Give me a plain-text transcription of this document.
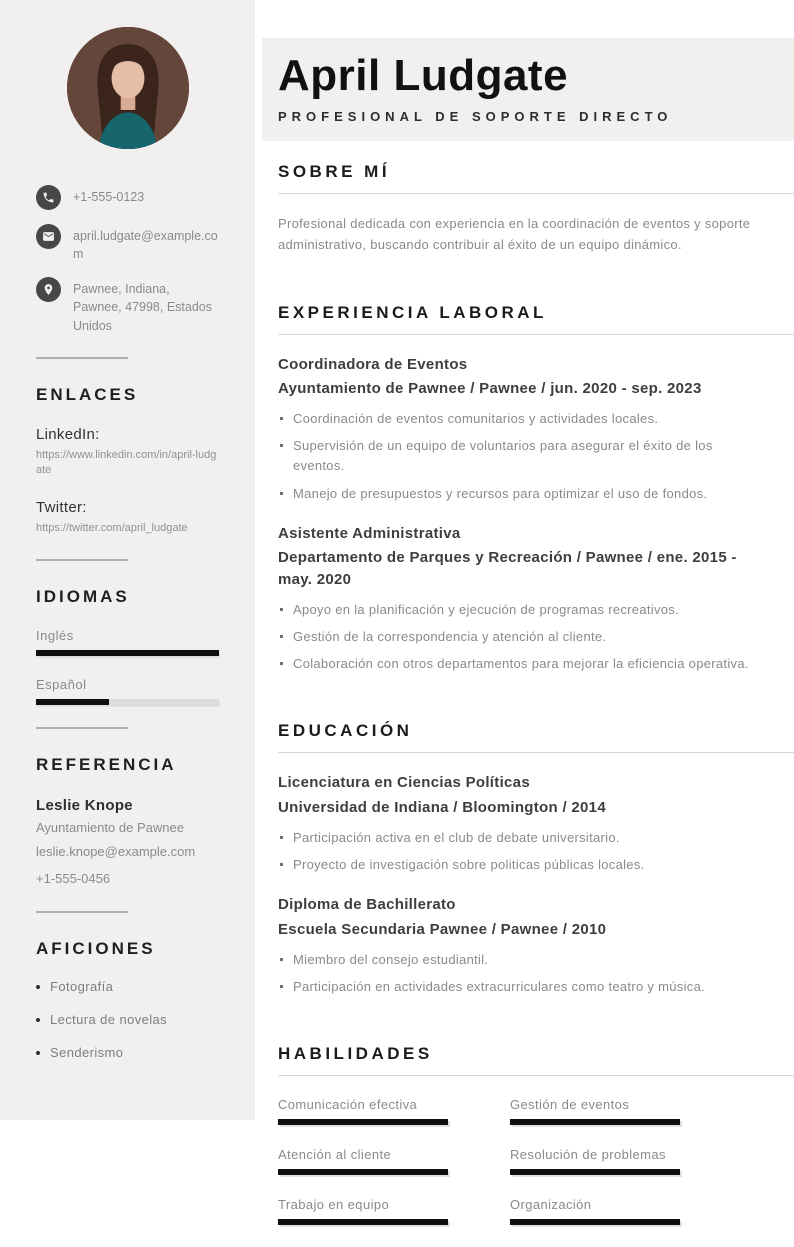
+1-555-0123
april.ludgate@example.com
Pawnee, Indiana, Pawnee, 47998, Estados Unidos
ENLACES
LinkedIn:
https://www.linkedin.com/in/april-ludgate
Twitter:
https://twitter.com/april_ludgate
IDIOMAS
Inglés
Español
REFERENCIA
Leslie Knope
Ayuntamiento de Pawnee
leslie.knope@example.com
+1-555-0456
AFICIONES
Fotografía
Lectura de novelas
Senderismo
April Ludgate
PROFESIONAL DE SOPORTE DIRECTO
SOBRE MÍ

Profesional dedicada con experiencia en la coordinación de eventos y soporte administrativo, buscando contribuir al éxito de un equipo dinámico.

EXPERIENCIA LABORAL
Coordinadora de Eventos
Ayuntamiento de Pawnee / Pawnee / jun. 2020 - sep. 2023
Coordinación de eventos comunitarios y actividades locales.
Supervisión de un equipo de voluntarios para asegurar el éxito de los eventos.
Manejo de presupuestos y recursos para optimizar el uso de fondos.
Asistente Administrativa
Departamento de Parques y Recreación / Pawnee / ene. 2015 - may. 2020
Apoyo en la planificación y ejecución de programas recreativos.
Gestión de la correspondencia y atención al cliente.
Colaboración con otros departamentos para mejorar la eficiencia operativa.
EDUCACIÓN
Licenciatura en Ciencias Políticas
Universidad de Indiana / Bloomington / 2014
Participación activa en el club de debate universitario.
Proyecto de investigación sobre politicas públicas locales.
Diploma de Bachillerato
Escuela Secundaria Pawnee / Pawnee / 2010
Miembro del consejo estudiantil.
Participación en actividades extracurriculares como teatro y música.
HABILIDADES
Comunicación efectiva
Atención al cliente
Trabajo en equipo
Gestión de eventos
Resolución de problemas
Organización
